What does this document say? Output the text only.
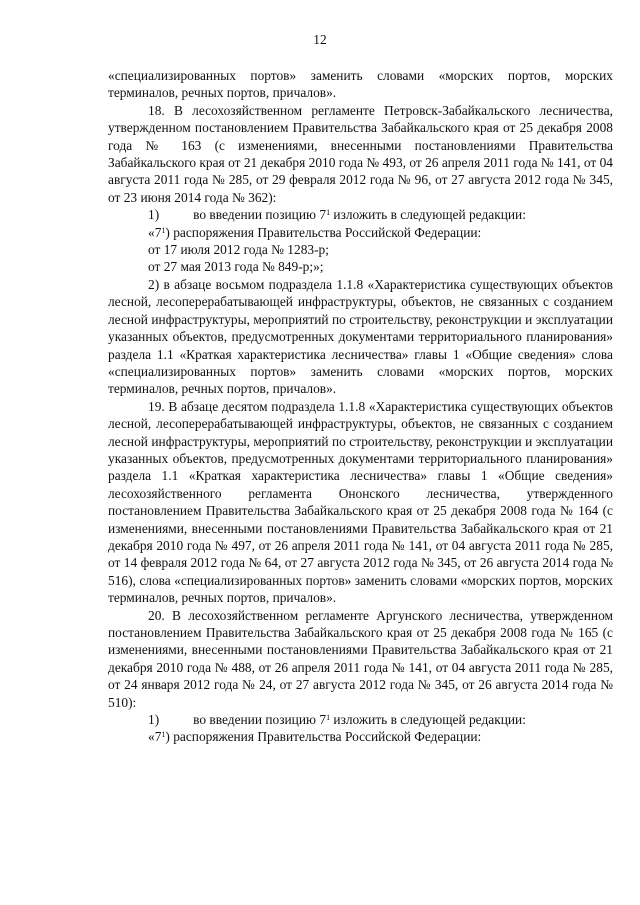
12

«специализированных портов» заменить словами «морских портов, морских терминалов, речных портов, причалов».

18. В лесохозяйственном регламенте Петровск-Забайкальского лесничества, утвержденном постановлением Правительства Забайкальского края от 25 декабря 2008 года № 163 (с изменениями, внесенными постановлениями Правительства Забайкальского края от 21 декабря 2010 года № 493, от 26 апреля 2011 года № 141, от 04 августа 2011 года № 285, от 29 февраля 2012 года № 96, от 27 августа 2012 года № 345, от 23 июня 2014 года № 362):

1)	во введении позицию $7^1$ изложить в следующей редакции:

«$7^1$) распоряжения Правительства Российской Федерации:

от 17 июля 2012 года № 1283-р;

от 27 мая 2013 года № 849-р;»;

2) в абзаце восьмом подраздела 1.1.8 «Характеристика существующих объектов лесной, лесоперерабатывающей инфраструктуры, объектов, не связанных с созданием лесной инфраструктуры, мероприятий по строительству, реконструкции и эксплуатации указанных объектов, предусмотренных документами территориального планирования» раздела 1.1 «Краткая характеристика лесничества» главы 1 «Общие сведения» слова «специализированных портов» заменить словами «морских портов, морских терминалов, речных портов, причалов».

19. В абзаце десятом подраздела 1.1.8 «Характеристика существующих объектов лесной, лесоперерабатывающей инфраструктуры, объектов, не связанных с созданием лесной инфраструктуры, мероприятий по строительству, реконструкции и эксплуатации указанных объектов, предусмотренных документами территориального планирования» раздела 1.1 «Краткая характеристика лесничества» главы 1 «Общие сведения» лесохозяйственного регламента Ононского лесничества, утвержденного постановлением Правительства Забайкальского края от 25 декабря 2008 года № 164 (с изменениями, внесенными постановлениями Правительства Забайкальского края от 21 декабря 2010 года № 497, от 26 апреля 2011 года № 141, от 04 августа 2011 года № 285, от 14 февраля 2012 года № 64, от 27 августа 2012 года № 345, от 26 августа 2014 года № 516), слова «специализированных портов» заменить словами «морских портов, морских терминалов, речных портов, причалов».

20. В лесохозяйственном регламенте Аргунского лесничества, утвержденном постановлением Правительства Забайкальского края от 25 декабря 2008 года № 165 (с изменениями, внесенными постановлениями Правительства Забайкальского края от 21 декабря 2010 года № 488, от 26 апреля 2011 года № 141, от 04 августа 2011 года № 285, от 24 января 2012 года № 24, от 27 августа 2012 года № 345, от 26 августа 2014 года № 510):

1)	во введении позицию $7^1$ изложить в следующей редакции:

«$7^1$) распоряжения Правительства Российской Федерации:
